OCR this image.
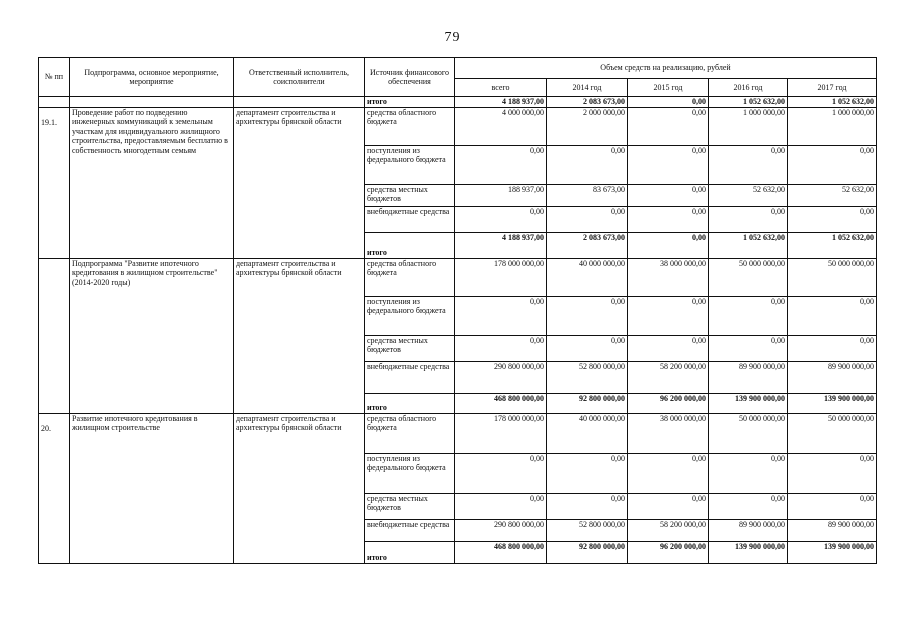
79
№ пп	Подпрограмма, основное мероприятие, мероприятие	Ответственный исполнитель, соисполнители	Источник финансового обеспечения	Объем средств на реализацию, рублей				
				всего	2014 год	2015 год	2016 год	2017 год
			итого	4 188 937,00	2 083 673,00	0,00	1 052 632,00	1 052 632,00
19.1.	Проведение работ по подведению инженерных коммуникаций к земельным участкам для индивидуального жилищного строительства, предоставляемым бесплатно в собственность многодетным семьям	департамент строительства и архитектуры брянской области	средства областного бюджета	4 000 000,00	2 000 000,00	0,00	1 000 000,00	1 000 000,00
			поступления из федерального бюджета	0,00	0,00	0,00	0,00	0,00
			средства местных бюджетов	188 937,00	83 673,00	0,00	52 632,00	52 632,00
			внебюджетные средства	0,00	0,00	0,00	0,00	0,00
			итого	4 188 937,00	2 083 673,00	0,00	1 052 632,00	1 052 632,00
	Подпрограмма "Развитие ипотечного кредитования в жилищном строительстве" (2014-2020 годы)	департамент строительства и архитектуры брянской области	средства областного бюджета	178 000 000,00	40 000 000,00	38 000 000,00	50 000 000,00	50 000 000,00
			поступления из федерального бюджета	0,00	0,00	0,00	0,00	0,00
			средства местных бюджетов	0,00	0,00	0,00	0,00	0,00
			внебюджетные средства	290 800 000,00	52 800 000,00	58 200 000,00	89 900 000,00	89 900 000,00
			итого	468 800 000,00	92 800 000,00	96 200 000,00	139 900 000,00	139 900 000,00
20.	Развитие ипотечного кредитования в жилищном строительстве	департамент строительства и архитектуры брянской области	средства областного бюджета	178 000 000,00	40 000 000,00	38 000 000,00	50 000 000,00	50 000 000,00
			поступления из федерального бюджета	0,00	0,00	0,00	0,00	0,00
			средства местных бюджетов	0,00	0,00	0,00	0,00	0,00
			внебюджетные средства	290 800 000,00	52 800 000,00	58 200 000,00	89 900 000,00	89 900 000,00
			итого	468 800 000,00	92 800 000,00	96 200 000,00	139 900 000,00	139 900 000,00
